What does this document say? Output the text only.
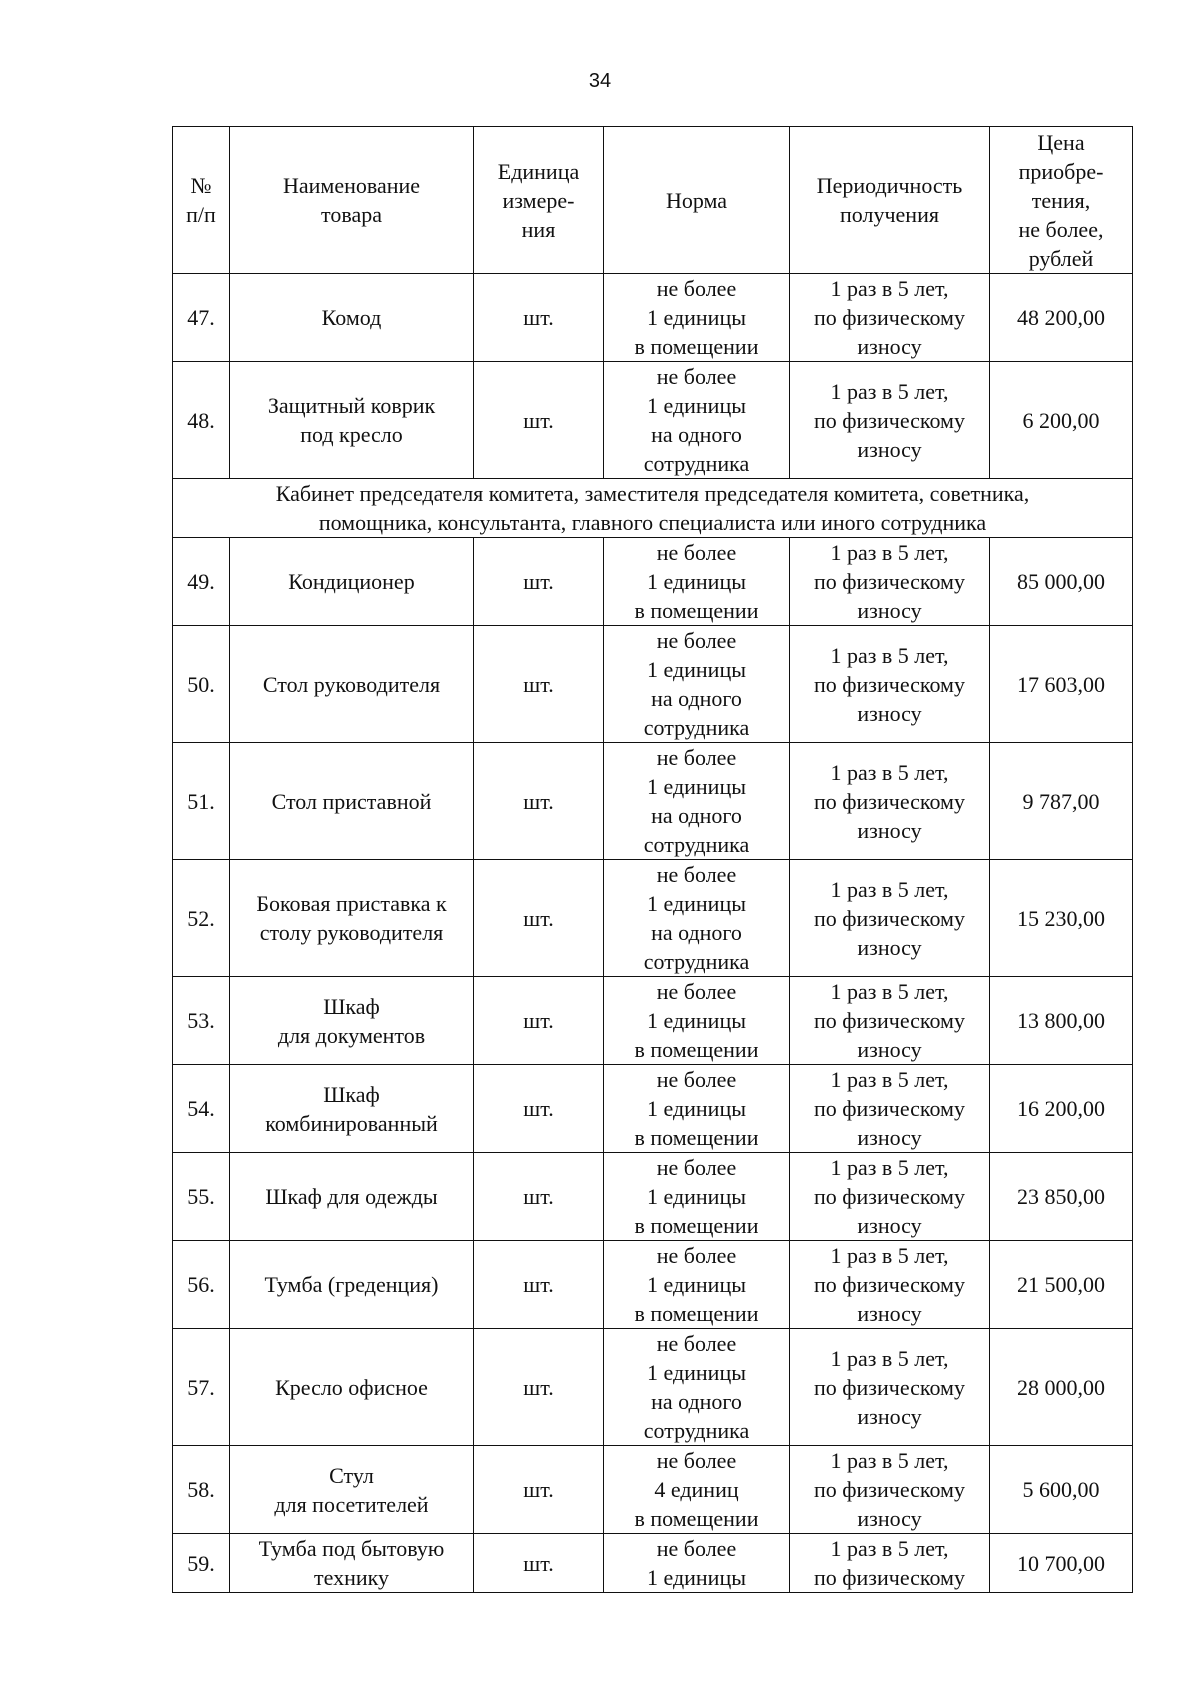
34
№
п/п	Наименование
товара	Единица
измере-
ния	Норма	Периодичность
получения	Цена
приобре-
тения,
не более,
рублей

47.	Комод	шт.	не более
1 единицы
в помещении	1 раз в 5 лет,
по физическому
износу	48 200,00
48.	Защитный коврик
под кресло	шт.	не более
1 единицы
на одного
сотрудника	1 раз в 5 лет,
по физическому
износу	6 200,00

Кабинет председателя комитета, заместителя председателя комитета, советника,
помощника, консультанта, главного специалиста или иного сотрудника					

49.	Кондиционер	шт.	не более
1 единицы
в помещении	1 раз в 5 лет,
по физическому
износу	85 000,00
50.	Стол руководителя	шт.	не более
1 единицы
на одного
сотрудника	1 раз в 5 лет,
по физическому
износу	17 603,00
51.	Стол приставной	шт.	не более
1 единицы
на одного
сотрудника	1 раз в 5 лет,
по физическому
износу	9 787,00
52.	Боковая приставка к
столу руководителя	шт.	не более
1 единицы
на одного
сотрудника	1 раз в 5 лет,
по физическому
износу	15 230,00
53.	Шкаф
для документов	шт.	не более
1 единицы
в помещении	1 раз в 5 лет,
по физическому
износу	13 800,00
54.	Шкаф
комбинированный	шт.	не более
1 единицы
в помещении	1 раз в 5 лет,
по физическому
износу	16 200,00
55.	Шкаф для одежды	шт.	не более
1 единицы
в помещении	1 раз в 5 лет,
по физическому
износу	23 850,00
56.	Тумба (греденция)	шт.	не более
1 единицы
в помещении	1 раз в 5 лет,
по физическому
износу	21 500,00
57.	Кресло офисное	шт.	не более
1 единицы
на одного
сотрудника	1 раз в 5 лет,
по физическому
износу	28 000,00
58.	Стул
для посетителей	шт.	не более
4 единиц
в помещении	1 раз в 5 лет,
по физическому
износу	5 600,00
59.	Тумба под бытовую
технику	шт.	не более
1 единицы	1 раз в 5 лет,
по физическому	10 700,00
